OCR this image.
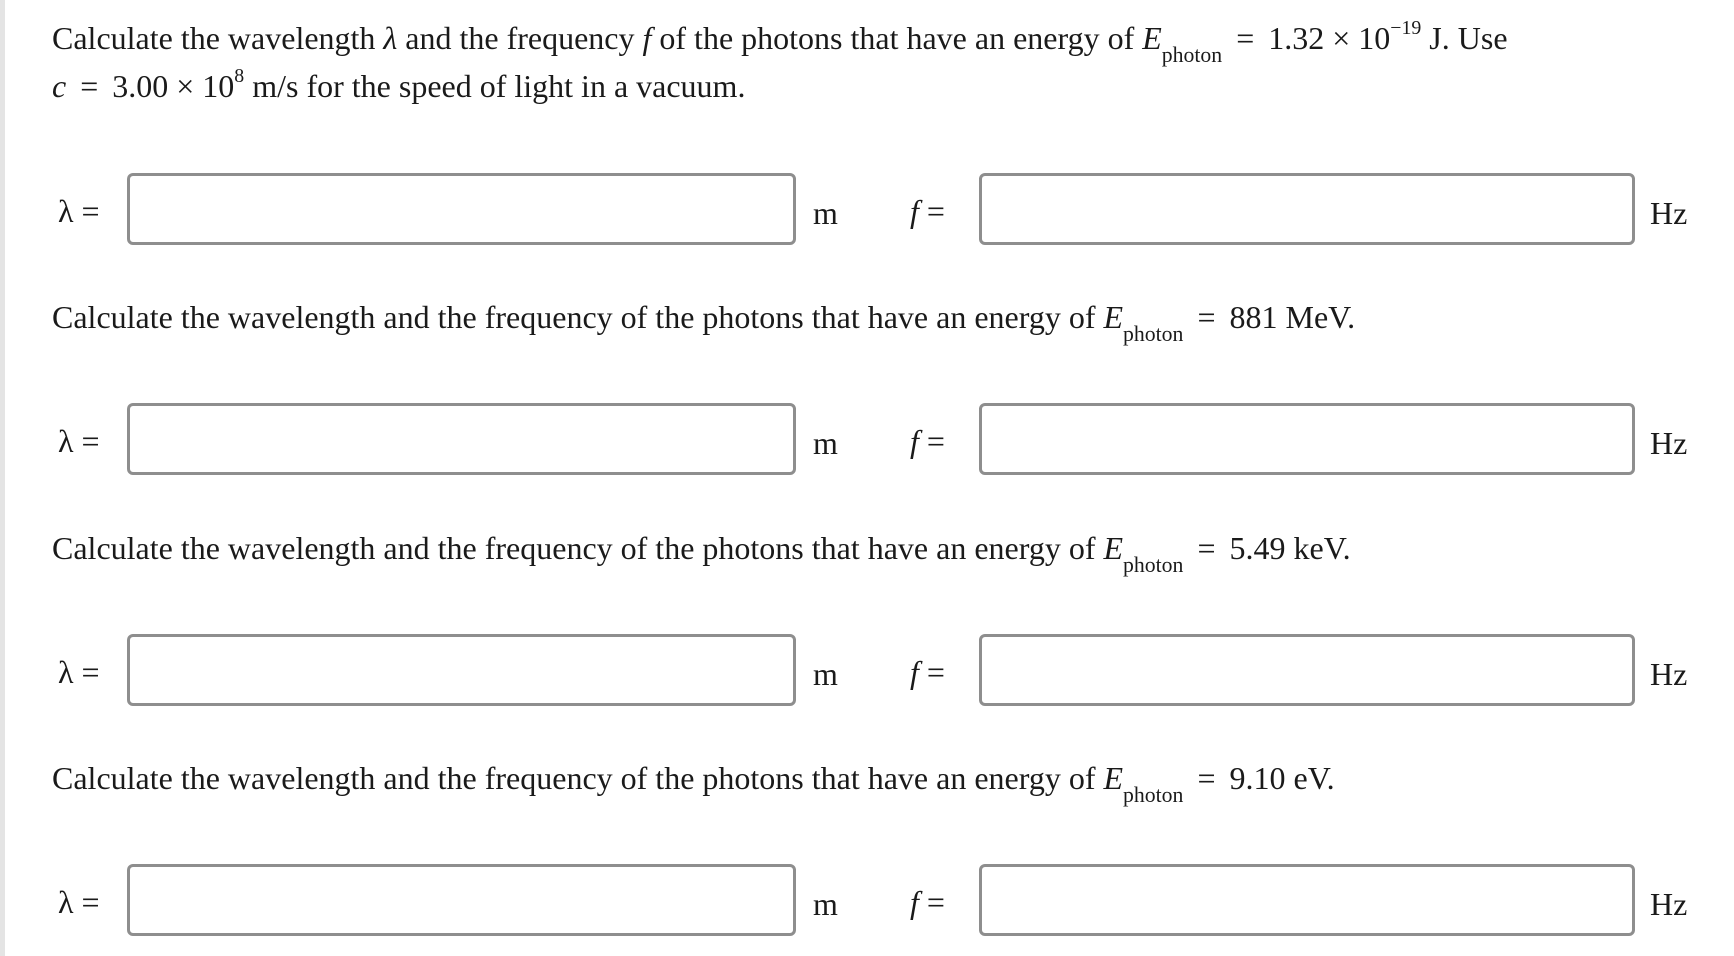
Calculate the wavelength λ and the frequency f of the photons that have an energy of $E_{photon} = 1.32 \times 10^{-19}$ J. Use
$c = 3.00 \times 10^8$ m/s for the speed of light in a vacuum.
λ =	m f =	Hz
Calculate the wavelength and the frequency of the photons that have an energy of $E_{photon} = 881$ MeV.
λ =	m f =	Hz
Calculate the wavelength and the frequency of the photons that have an energy of $E_{photon} = 5.49$ keV.
λ =	m f =	Hz
Calculate the wavelength and the frequency of the photons that have an energy of $E_{photon} = 9.10$ eV.
λ =	m f =	Hz
